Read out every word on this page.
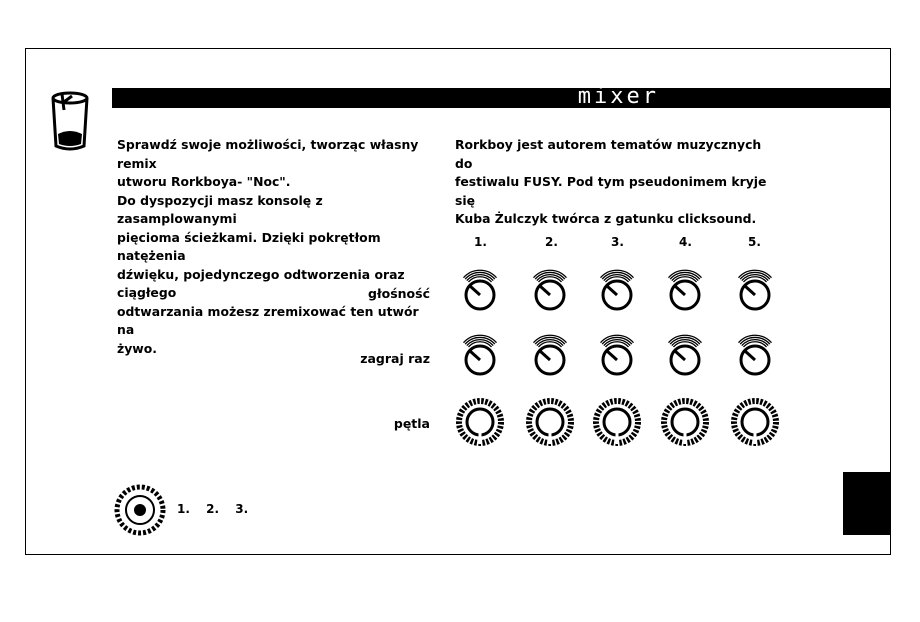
mixer
Sprawdź swoje możliwości, tworząc własny remix
utworu Rorkboya- "Noc".
Do dyspozycji masz konsolę z zasamplowanymi
pięcioma ścieżkami. Dzięki pokrętłom natężenia
dźwięku, pojedynczego odtworzenia oraz ciągłego
odtwarzania możesz zremixować ten utwór na
żywo.
Rorkboy jest autorem tematów muzycznych do
festiwalu FUSY. Pod tym pseudonimem kryje się
Kuba Żulczyk twórca z gatunku clicksound.
1.	2.	3.	4.	5.
głośność
zagraj raz
pętla
1. 2. 3.
